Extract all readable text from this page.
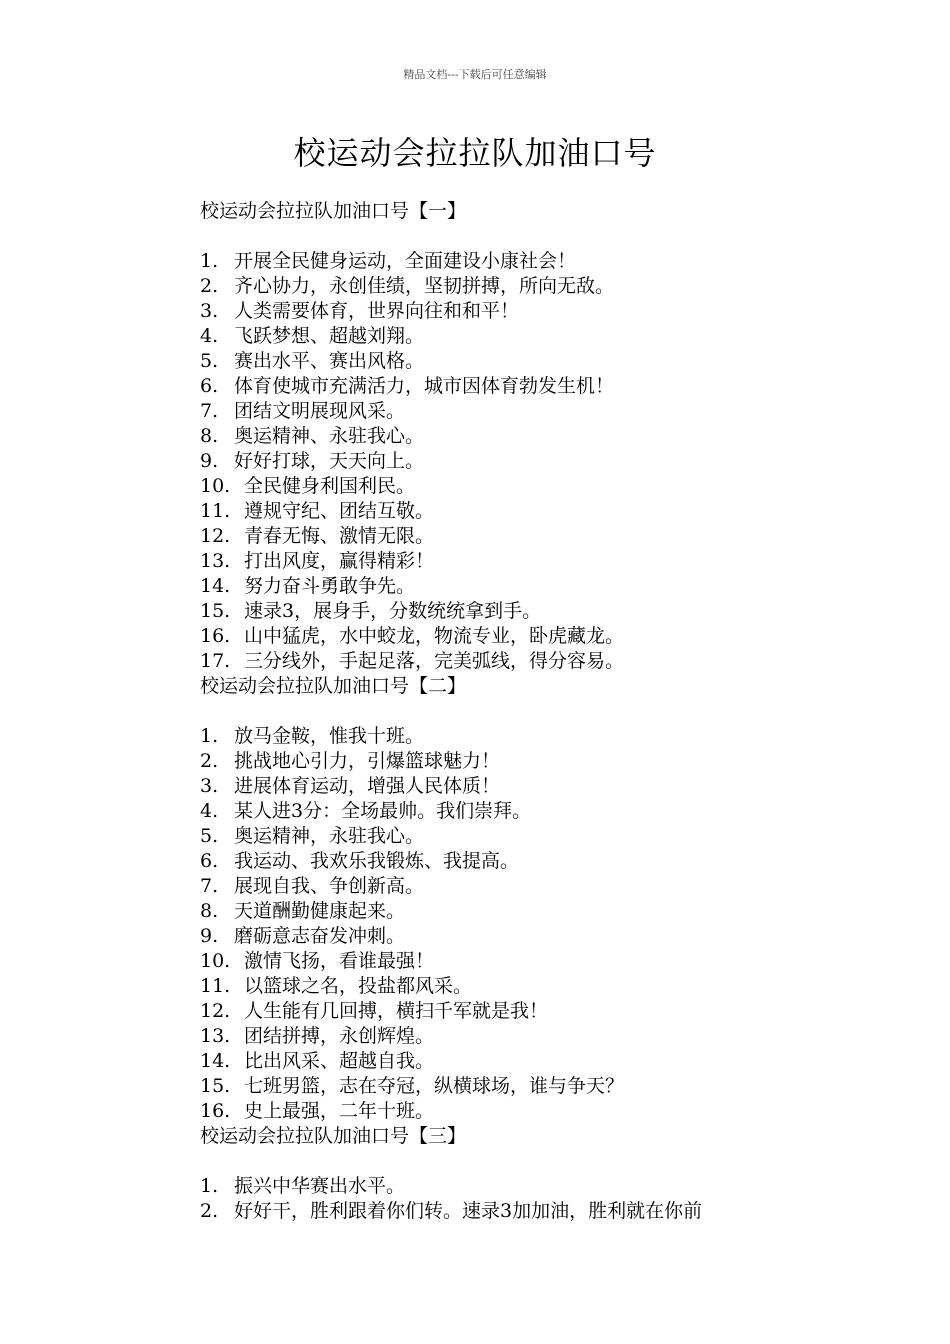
精品文档---下载后可任意编辑
校运动会拉拉队加油口号
校运动会拉拉队加油口号【一】
1. 开展全民健身运动，全面建设小康社会！
2. 齐心协力，永创佳绩，坚韧拼搏，所向无敌。
3. 人类需要体育，世界向往和和平！
4. 飞跃梦想、超越刘翔。
5. 赛出水平、赛出风格。
6. 体育使城市充满活力，城市因体育勃发生机！
7. 团结文明展现风采。
8. 奥运精神、永驻我心。
9. 好好打球，天天向上。
10. 全民健身利国利民。
11. 遵规守纪、团结互敬。
12. 青春无悔、激情无限。
13. 打出风度，赢得精彩！
14. 努力奋斗勇敢争先。
15. 速录3，展身手，分数统统拿到手。
16. 山中猛虎，水中蛟龙，物流专业，卧虎藏龙。
17. 三分线外，手起足落，完美弧线，得分容易。
校运动会拉拉队加油口号【二】
1. 放马金鞍，惟我十班。
2. 挑战地心引力，引爆篮球魅力！
3. 进展体育运动，增强人民体质！
4. 某人进3分：全场最帅。我们崇拜。
5. 奥运精神，永驻我心。
6. 我运动、我欢乐我锻炼、我提高。
7. 展现自我、争创新高。
8. 天道酬勤健康起来。
9. 磨砺意志奋发冲刺。
10. 激情飞扬，看谁最强！
11. 以篮球之名，投盐都风采。
12. 人生能有几回搏，横扫千军就是我！
13. 团结拼搏，永创辉煌。
14. 比出风采、超越自我。
15. 七班男篮，志在夺冠，纵横球场，谁与争天？
16. 史上最强，二年十班。
校运动会拉拉队加油口号【三】
1. 振兴中华赛出水平。
2. 好好干，胜利跟着你们转。速录3加加油，胜利就在你前
